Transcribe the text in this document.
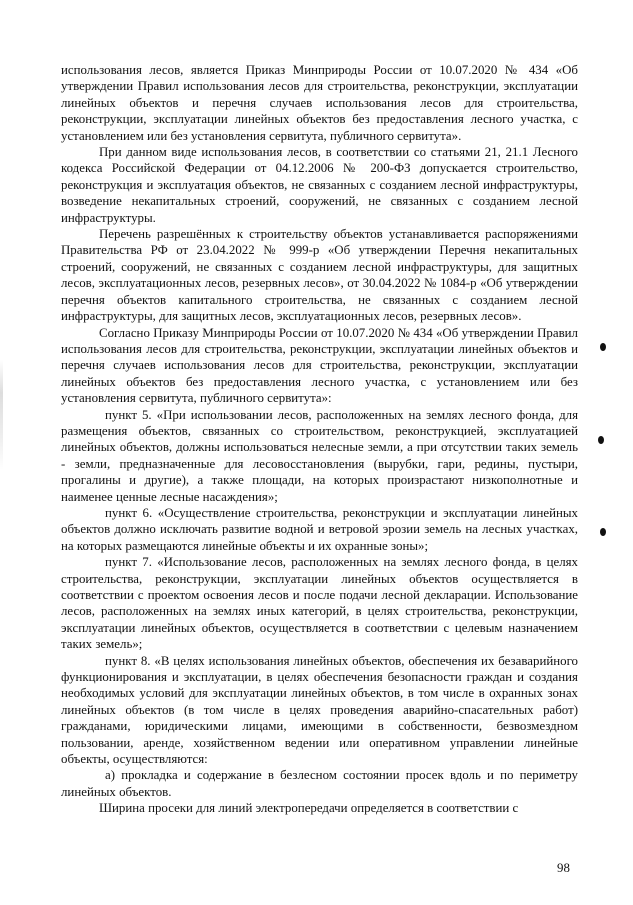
использования лесов, является Приказ Минприроды России от 10.07.2020 № 434 «Об утверждении Правил использования лесов для строительства, реконструкции, эксплуатации линейных объектов и перечня случаев использования лесов для строительства, реконструкции, эксплуатации линейных объектов без предоставления лесного участка, с установлением или без установления сервитута, публичного сервитута».

При данном виде использования лесов, в соответствии со статьями 21, 21.1 Лесного кодекса Российской Федерации от 04.12.2006 № 200-ФЗ допускается строительство, реконструкция и эксплуатация объектов, не связанных с созданием лесной инфраструктуры, возведение некапитальных строений, сооружений, не связанных с созданием лесной инфраструктуры.

Перечень разрешённых к строительству объектов устанавливается распоряжениями Правительства РФ от 23.04.2022 № 999-р «Об утверждении Перечня некапитальных строений, сооружений, не связанных с созданием лесной инфраструктуры, для защитных лесов, эксплуатационных лесов, резервных лесов», от 30.04.2022 № 1084-р «Об утверждении перечня объектов капитального строительства, не связанных с созданием лесной инфраструктуры, для защитных лесов, эксплуатационных лесов, резервных лесов».

Согласно Приказу Минприроды России от 10.07.2020 № 434 «Об утверждении Правил использования лесов для строительства, реконструкции, эксплуатации линейных объектов и перечня случаев использования лесов для строительства, реконструкции, эксплуатации линейных объектов без предоставления лесного участка, с установлением или без установления сервитута, публичного сервитута»:

пункт 5. «При использовании лесов, расположенных на землях лесного фонда, для размещения объектов, связанных со строительством, реконструкцией, эксплуатацией линейных объектов, должны использоваться нелесные земли, а при отсутствии таких земель - земли, предназначенные для лесовосстановления (вырубки, гари, редины, пустыри, прогалины и другие), а также площади, на которых произрастают низкополнотные и наименее ценные лесные насаждения»;

пункт 6. «Осуществление строительства, реконструкции и эксплуатации линейных объектов должно исключать развитие водной и ветровой эрозии земель на лесных участках, на которых размещаются линейные объекты и их охранные зоны»;

пункт 7. «Использование лесов, расположенных на землях лесного фонда, в целях строительства, реконструкции, эксплуатации линейных объектов осуществляется в соответствии с проектом освоения лесов и после подачи лесной декларации. Использование лесов, расположенных на землях иных категорий, в целях строительства, реконструкции, эксплуатации линейных объектов, осуществляется в соответствии с целевым назначением таких земель»;

пункт 8. «В целях использования линейных объектов, обеспечения их безаварийного функционирования и эксплуатации, в целях обеспечения безопасности граждан и создания необходимых условий для эксплуатации линейных объектов, в том числе в охранных зонах линейных объектов (в том числе в целях проведения аварийно-спасательных работ) гражданами, юридическими лицами, имеющими в собственности, безвозмездном пользовании, аренде, хозяйственном ведении или оперативном управлении линейные объекты, осуществляются:

а) прокладка и содержание в безлесном состоянии просек вдоль и по периметру линейных объектов.

Ширина просеки для линий электропередачи определяется в соответствии с

98
